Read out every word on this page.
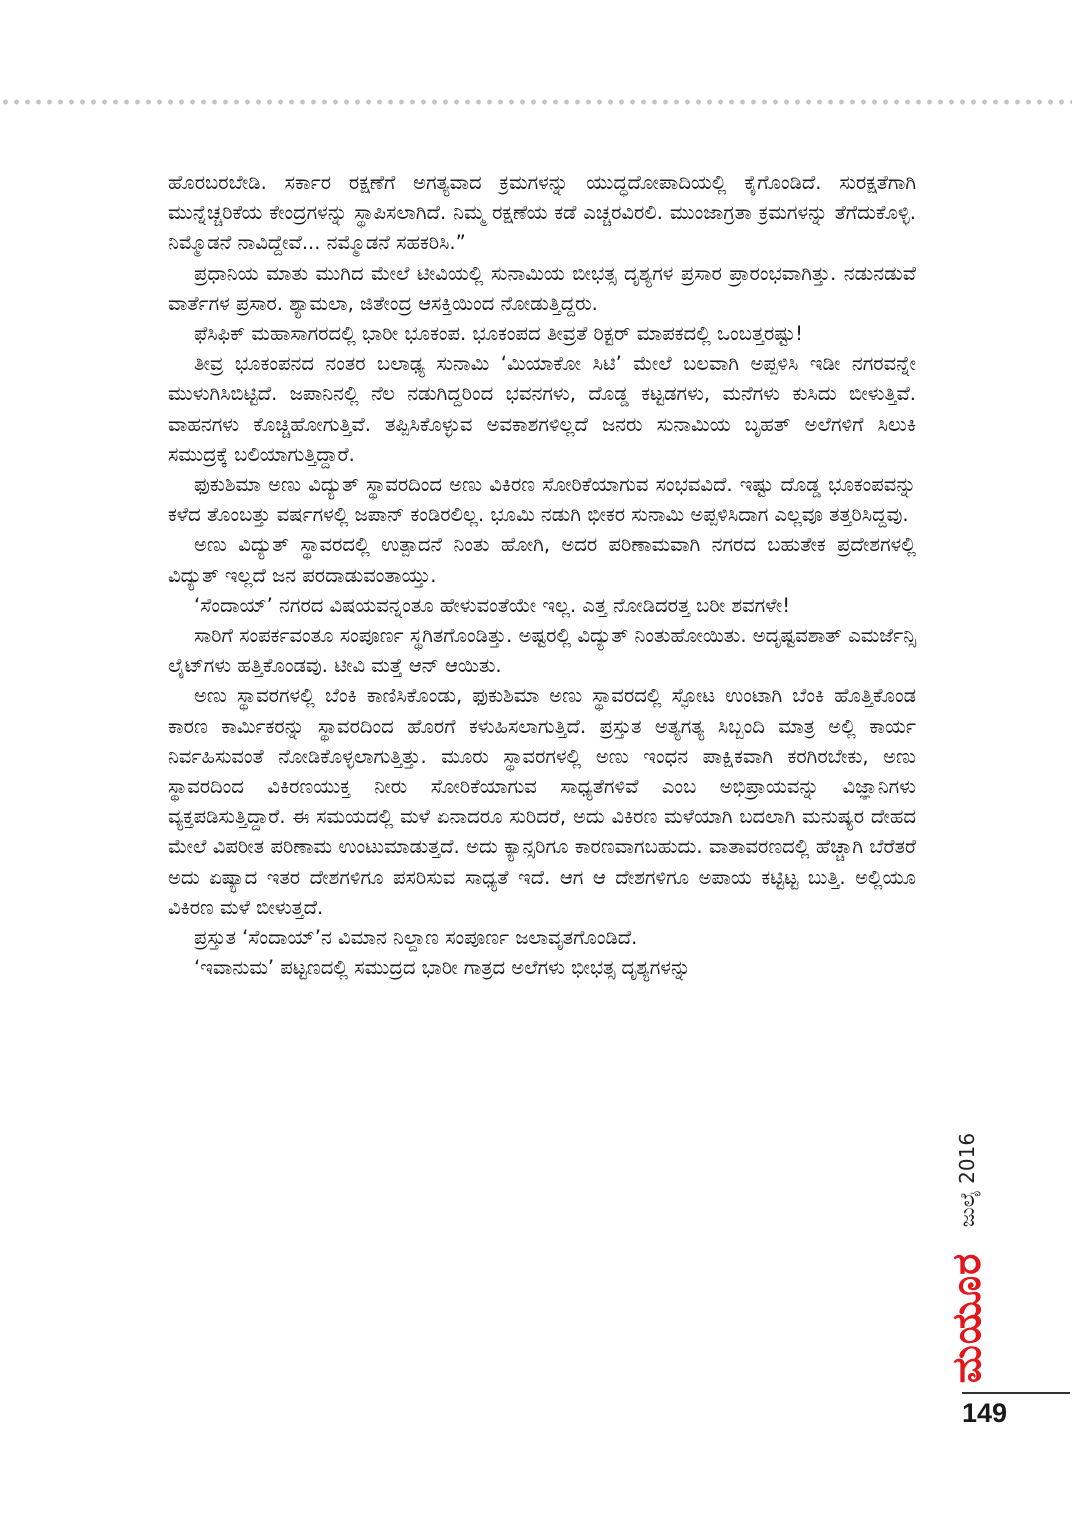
ಹೊರಬರಬೇಡಿ. ಸರ್ಕಾರ ರಕ್ಷಣೆಗೆ ಅಗತ್ಯವಾದ ಕ್ರಮಗಳನ್ನು ಯುದ್ಧದೋಪಾದಿಯಲ್ಲಿ ಕೈಗೊಂಡಿದೆ. ಸುರಕ್ಷತೆಗಾಗಿ ಮುನ್ನೆಚ್ಚರಿಕೆಯ ಕೇಂದ್ರಗಳನ್ನು ಸ್ಥಾಪಿಸಲಾಗಿದೆ. ನಿಮ್ಮ ರಕ್ಷಣೆಯ ಕಡೆ ಎಚ್ಚರವಿರಲಿ. ಮುಂಜಾಗ್ರತಾ ಕ್ರಮಗಳನ್ನು ತೆಗೆದುಕೊಳ್ಳಿ. ನಿಮ್ಮೊಡನೆ ನಾವಿದ್ದೇವೆ... ನಮ್ಮೊಡನೆ ಸಹಕರಿಸಿ.”

ಪ್ರಧಾನಿಯ ಮಾತು ಮುಗಿದ ಮೇಲೆ ಟೀವಿಯಲ್ಲಿ ಸುನಾಮಿಯ ಬೀಭತ್ಸ ದೃಶ್ಯಗಳ ಪ್ರಸಾರ ಪ್ರಾರಂಭವಾಗಿತ್ತು. ನಡುನಡುವೆ ವಾರ್ತೆಗಳ ಪ್ರಸಾರ. ಶ್ಯಾಮಲಾ, ಜಿತೇಂದ್ರ ಆಸಕ್ತಿಯಿಂದ ನೋಡುತ್ತಿದ್ದರು.

ಫೆಸಿಫಿಕ್ ಮಹಾಸಾಗರದಲ್ಲಿ ಭಾರೀ ಭೂಕಂಪ. ಭೂಕಂಪದ ತೀವ್ರತೆ ರಿಕ್ಟರ್ ಮಾಪಕದಲ್ಲಿ ಒಂಬತ್ತರಷ್ಟು!

ತೀವ್ರ ಭೂಕಂಪನದ ನಂತರ ಬಲಾಢ್ಯ ಸುನಾಮಿ ‘ಮಿಯಾಕೋ ಸಿಟಿ’ ಮೇಲೆ ಬಲವಾಗಿ ಅಪ್ಪಳಿಸಿ ಇಡೀ ನಗರವನ್ನೇ ಮುಳುಗಿಸಿಬಿಟ್ಟಿದೆ. ಜಪಾನಿನಲ್ಲಿ ನೆಲ ನಡುಗಿದ್ದರಿಂದ ಭವನಗಳು, ದೊಡ್ಡ ಕಟ್ಟಡಗಳು, ಮನೆಗಳು ಕುಸಿದು ಬೀಳುತ್ತಿವೆ. ವಾಹನಗಳು ಕೊಚ್ಚಿಹೋಗುತ್ತಿವೆ. ತಪ್ಪಿಸಿಕೊಳ್ಳುವ ಅವಕಾಶಗಳಿಲ್ಲದೆ ಜನರು ಸುನಾಮಿಯ ಬೃಹತ್ ಅಲೆಗಳಿಗೆ ಸಿಲುಕಿ ಸಮುದ್ರಕ್ಕೆ ಬಲಿಯಾಗುತ್ತಿದ್ದಾರೆ.

ಫುಕುಶಿಮಾ ಅಣು ವಿದ್ಯುತ್ ಸ್ಥಾವರದಿಂದ ಅಣು ವಿಕಿರಣ ಸೋರಿಕೆಯಾಗುವ ಸಂಭವವಿದೆ. ಇಷ್ಟು ದೊಡ್ಡ ಭೂಕಂಪವನ್ನು ಕಳೆದ ತೊಂಬತ್ತು ವರ್ಷಗಳಲ್ಲಿ ಜಪಾನ್ ಕಂಡಿರಲಿಲ್ಲ. ಭೂಮಿ ನಡುಗಿ ಭೀಕರ ಸುನಾಮಿ ಅಪ್ಪಳಿಸಿದಾಗ ಎಲ್ಲವೂ ತತ್ತರಿಸಿದ್ದವು.

ಅಣು ವಿದ್ಯುತ್ ಸ್ಥಾವರದಲ್ಲಿ ಉತ್ಪಾದನೆ ನಿಂತು ಹೋಗಿ, ಅದರ ಪರಿಣಾಮವಾಗಿ ನಗರದ ಬಹುತೇಕ ಪ್ರದೇಶಗಳಲ್ಲಿ ವಿದ್ಯುತ್ ಇಲ್ಲದೆ ಜನ ಪರದಾಡುವಂತಾಯ್ತು.

‘ಸೆಂದಾಯ್’ ನಗರದ ವಿಷಯವನ್ನಂತೂ ಹೇಳುವಂತೆಯೇ ಇಲ್ಲ. ಎತ್ತ ನೋಡಿದರತ್ತ ಬರೀ ಶವಗಳೇ!

ಸಾರಿಗೆ ಸಂಪರ್ಕವಂತೂ ಸಂಪೂರ್ಣ ಸ್ಥಗಿತಗೊಂಡಿತ್ತು. ಅಷ್ಟರಲ್ಲಿ ವಿದ್ಯುತ್ ನಿಂತುಹೋಯಿತು. ಅದೃಷ್ಟವಶಾತ್ ಎಮರ್ಜೆನ್ಸಿ ಲೈಟ್‌ಗಳು ಹತ್ತಿಕೊಂಡವು. ಟೀವಿ ಮತ್ತೆ ಆನ್ ಆಯಿತು.

ಅಣು ಸ್ಥಾವರಗಳಲ್ಲಿ ಬೆಂಕಿ ಕಾಣಿಸಿಕೊಂಡು, ಫುಕುಶಿಮಾ ಅಣು ಸ್ಥಾವರದಲ್ಲಿ ಸ್ಫೋಟ ಉಂಟಾಗಿ ಬೆಂಕಿ ಹೊತ್ತಿಕೊಂಡ ಕಾರಣ ಕಾರ್ಮಿಕರನ್ನು ಸ್ಥಾವರದಿಂದ ಹೊರಗೆ ಕಳುಹಿಸಲಾಗುತ್ತಿದೆ. ಪ್ರಸ್ತುತ ಅತ್ಯಗತ್ಯ ಸಿಬ್ಬಂದಿ ಮಾತ್ರ ಅಲ್ಲಿ ಕಾರ್ಯ ನಿರ್ವಹಿಸುವಂತೆ ನೋಡಿಕೊಳ್ಳಲಾಗುತ್ತಿತ್ತು. ಮೂರು ಸ್ಥಾವರಗಳಲ್ಲಿ ಅಣು ಇಂಧನ ಪಾಕ್ಷಿಕವಾಗಿ ಕರಗಿರಬೇಕು, ಅಣು ಸ್ಥಾವರದಿಂದ ವಿಕಿರಣಯುಕ್ತ ನೀರು ಸೋರಿಕೆಯಾಗುವ ಸಾಧ್ಯತೆಗಳಿವೆ ಎಂಬ ಅಭಿಪ್ರಾಯವನ್ನು ವಿಜ್ಞಾನಿಗಳು ವ್ಯಕ್ತಪಡಿಸುತ್ತಿದ್ದಾರೆ. ಈ ಸಮಯದಲ್ಲಿ ಮಳೆ ಏನಾದರೂ ಸುರಿದರೆ, ಅದು ವಿಕಿರಣ ಮಳೆಯಾಗಿ ಬದಲಾಗಿ ಮನುಷ್ಯರ ದೇಹದ ಮೇಲೆ ವಿಪರೀತ ಪರಿಣಾಮ ಉಂಟುಮಾಡುತ್ತದೆ. ಅದು ಕ್ಯಾನ್ಸರಿಗೂ ಕಾರಣವಾಗಬಹುದು. ವಾತಾವರಣದಲ್ಲಿ ಹೆಚ್ಚಾಗಿ ಬೆರೆತರೆ ಅದು ಏಷ್ಯಾದ ಇತರ ದೇಶಗಳಿಗೂ ಪಸರಿಸುವ ಸಾಧ್ಯತೆ ಇದೆ. ಆಗ ಆ ದೇಶಗಳಿಗೂ ಅಪಾಯ ಕಟ್ಟಿಟ್ಟ ಬುತ್ತಿ. ಅಲ್ಲಿಯೂ ವಿಕಿರಣ ಮಳೆ ಬೀಳುತ್ತದೆ.

ಪ್ರಸ್ತುತ ‘ಸೆಂದಾಯ್’ನ ವಿಮಾನ ನಿಲ್ದಾಣ ಸಂಪೂರ್ಣ ಜಲಾವೃತಗೊಂಡಿದೆ.

‘ಇವಾನುಮ’ ಪಟ್ಟಣದಲ್ಲಿ ಸಮುದ್ರದ ಭಾರೀ ಗಾತ್ರದ ಅಲೆಗಳು ಭೀಭತ್ಸ ದೃಶ್ಯಗಳನ್ನು

ಜುಲೈ 2016
ಮಯೂರ
149
